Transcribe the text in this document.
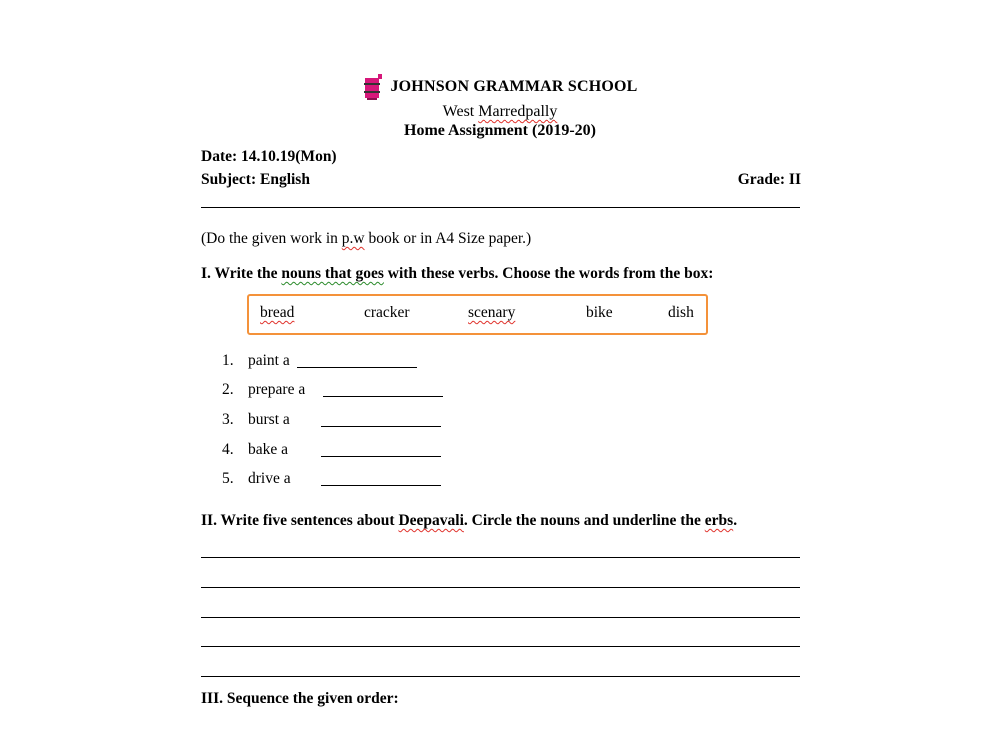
JOHNSON GRAMMAR SCHOOL
West Marredpally
Home Assignment (2019-20)
Date: 14.10.19(Mon)
Subject: English	Grade: II
(Do the given work in p.w book or in A4 Size paper.)
I. Write the nouns that goes with these verbs. Choose the words from the box:
bread	cracker	scenary	bike	dish
1. paint a
2. prepare a
3. burst a
4. bake a
5. drive a
II. Write five sentences about Deepavali. Circle the nouns and underline the erbs.
III. Sequence the given order:
